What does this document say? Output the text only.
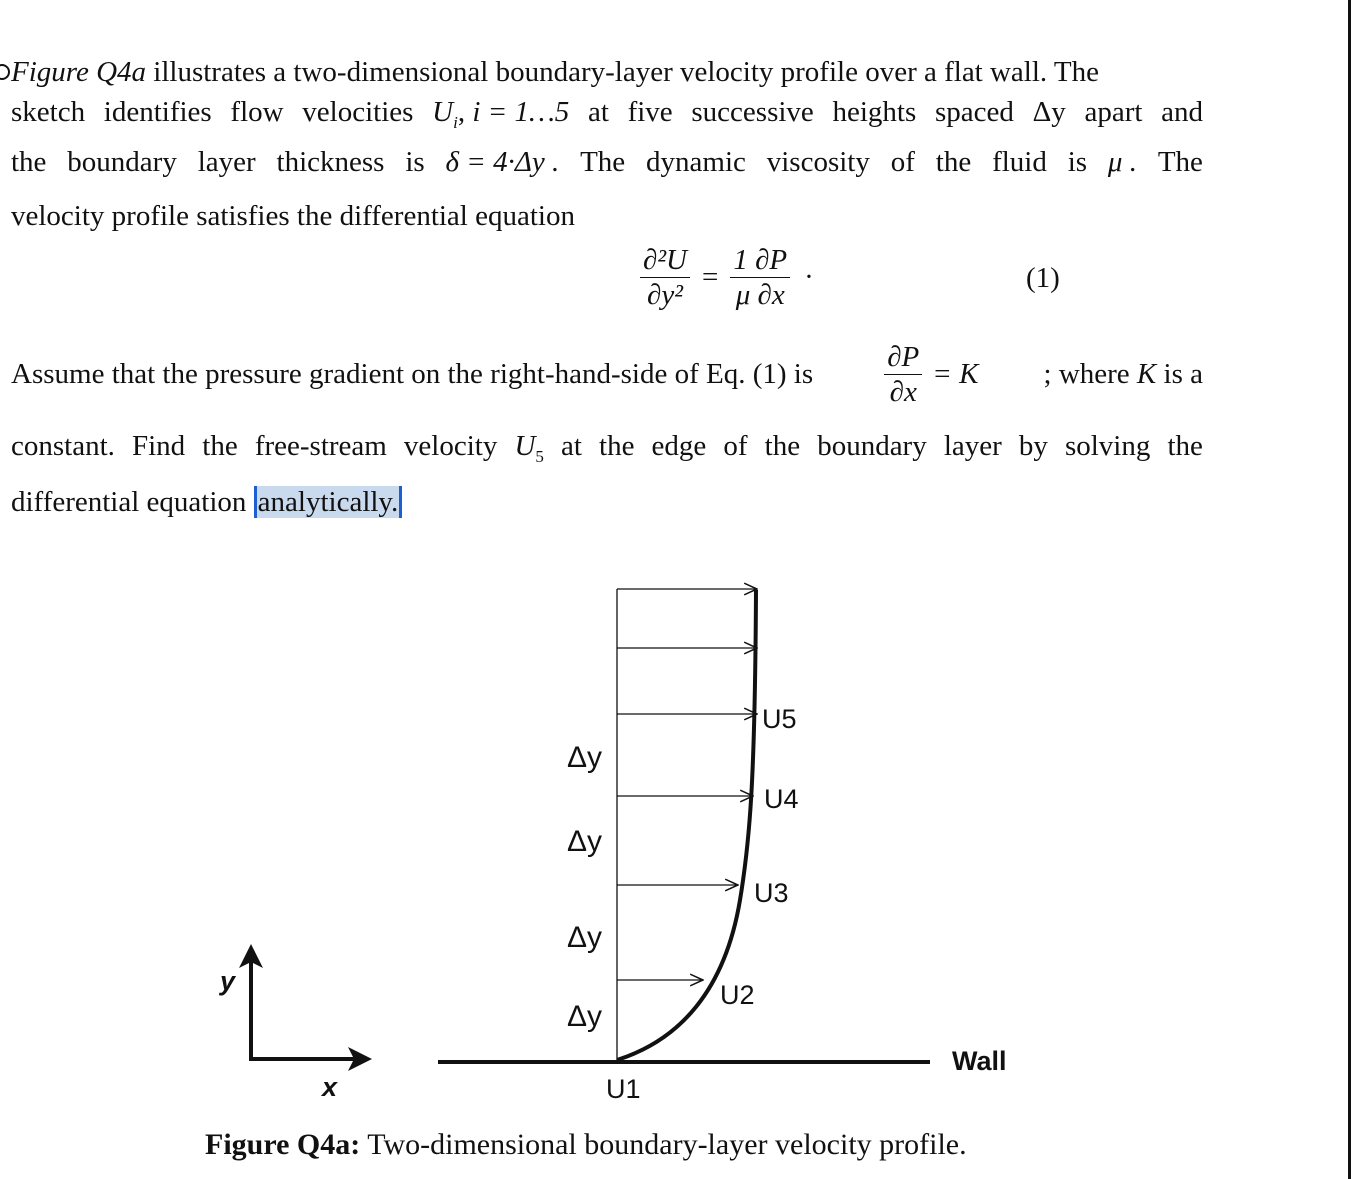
Figure Q4a illustrates a two-dimensional boundary-layer velocity profile over a flat wall. The
sketch identifies flow velocities $U_i$, i = 1…5 at five successive heights spaced Δy apart and
the boundary layer thickness is δ = 4·Δy . The dynamic viscosity of the fluid is μ . The
velocity profile satisfies the differential equation
$\frac{\text{∂²U}}{\text{∂y²}} = \frac{1 \partial P}{\mu \partial x}$ ·	(1)
Assume that the pressure gradient on the right-hand-side of Eq. (1) is $\frac{\partial P}{\partial x} = K$ ; where K is a
constant. Find the free-stream velocity $U_5$ at the edge of the boundary layer by solving the
differential equation analytically.
U5
U4
U3
U2
U1
Δy
Δy
Δy
Δy
Wall
y
x
Figure Q4a: Two-dimensional boundary-layer velocity profile.
